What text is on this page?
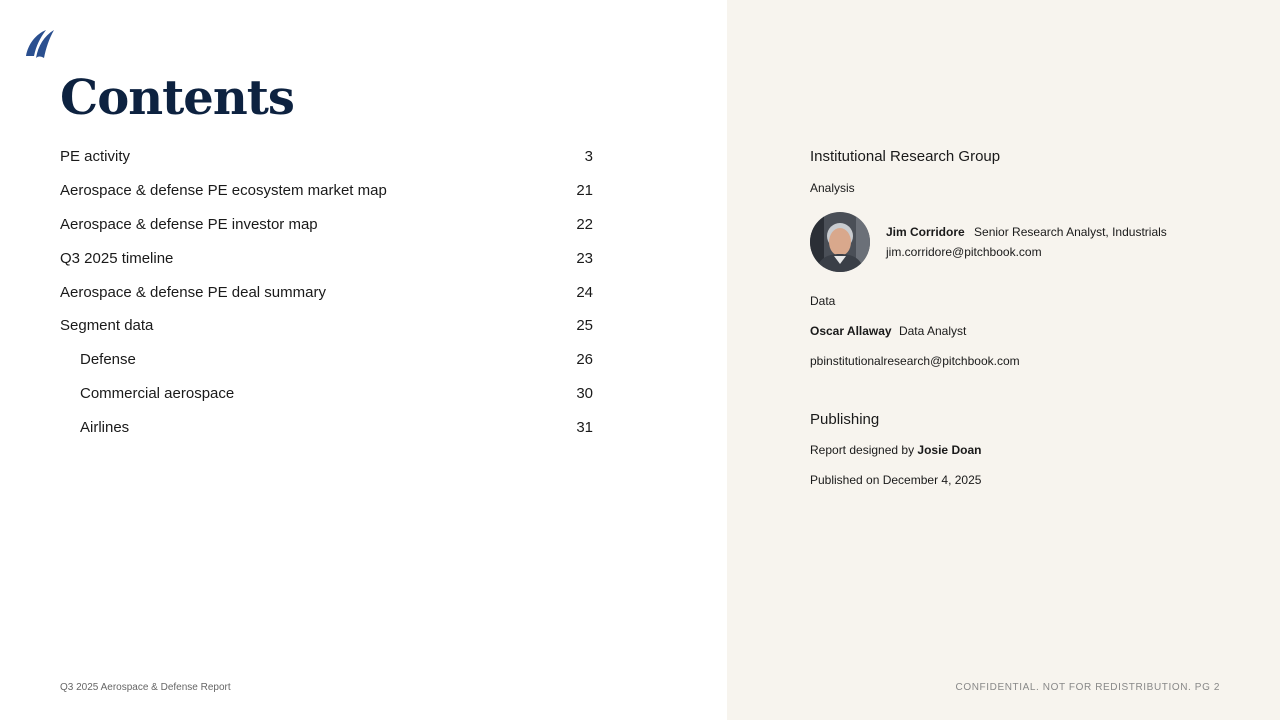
Contents
PE activity	3
Aerospace & defense PE ecosystem market map	21
Aerospace & defense PE investor map	22
Q3 2025 timeline	23
Aerospace & defense PE deal summary	24
Segment data	25
Defense	26
Commercial aerospace	30
Airlines	31
Q3 2025 Aerospace & Defense Report
Institutional Research Group
Analysis
Jim Corridore Senior Research Analyst, Industrials
jim.corridore@pitchbook.com
Data
Oscar Allaway Data Analyst
pbinstitutionalresearch@pitchbook.com
Publishing
Report designed by Josie Doan
Published on December 4, 2025
CONFIDENTIAL. NOT FOR REDISTRIBUTION. PG 2
